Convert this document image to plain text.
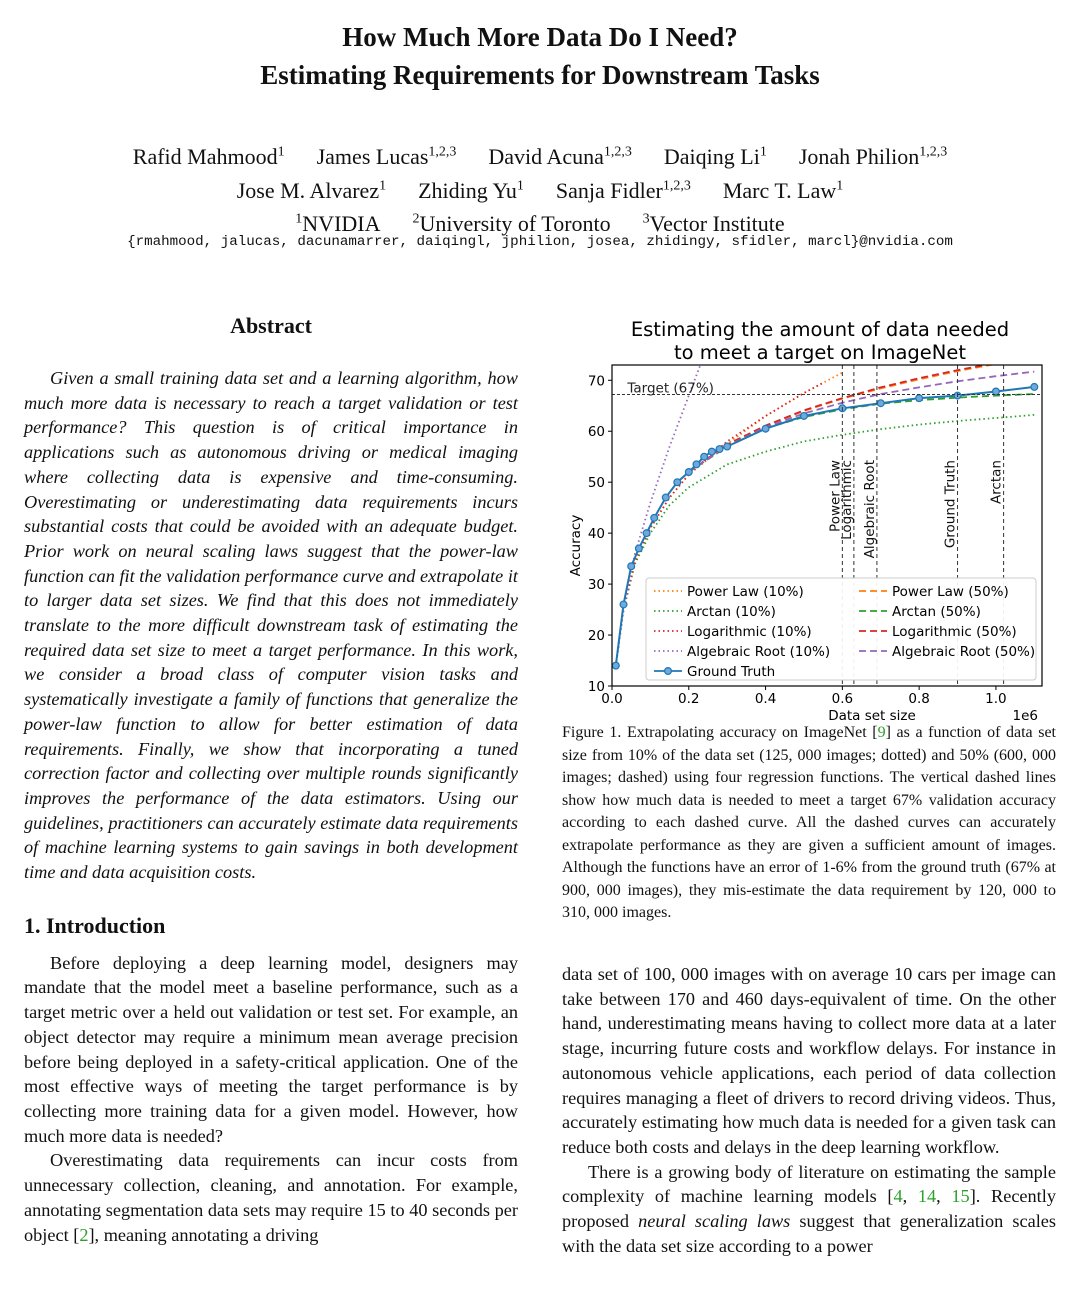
How Much More Data Do I Need?
Estimating Requirements for Downstream Tasks
Rafid Mahmood$^1$ James Lucas$^{1,2,3}$ David Acuna$^{1,2,3}$ Daiqing Li$^1$ Jonah Philion$^{1,2,3}$
Jose M. Alvarez$^1$ Zhiding Yu$^1$ Sanja Fidler$^{1,2,3}$ Marc T. Law$^1$
$^1$NVIDIA $^2$University of Toronto $^3$Vector Institute
{rmahmood, jalucas, dacunamarrer, daiqingl, jphilion, josea, zhidingy, sfidler, marcl}@nvidia.com
Abstract

Given a small training data set and a learning algorithm, how much more data is necessary to reach a target validation or test performance? This question is of critical importance in applications such as autonomous driving or medical imaging where collecting data is expensive and time-consuming. Overestimating or underestimating data requirements incurs substantial costs that could be avoided with an adequate budget. Prior work on neural scaling laws suggest that the power-law function can fit the validation performance curve and extrapolate it to larger data set sizes. We find that this does not immediately translate to the more difficult downstream task of estimating the required data set size to meet a target performance. In this work, we consider a broad class of computer vision tasks and systematically investigate a family of functions that generalize the power-law function to allow for better estimation of data requirements. Finally, we show that incorporating a tuned correction factor and collecting over multiple rounds significantly improves the performance of the data estimators. Using our guidelines, practitioners can accurately estimate data requirements of machine learning systems to gain savings in both development time and data acquisition costs.

1. Introduction

Before deploying a deep learning model, designers may mandate that the model meet a baseline performance, such as a target metric over a held out validation or test set. For example, an object detector may require a minimum mean average precision before being deployed in a safety-critical application. One of the most effective ways of meeting the target performance is by collecting more training data for a given model. However, how much more data is needed?

Overestimating data requirements can incur costs from unnecessary collection, cleaning, and annotation. For example, annotating segmentation data sets may require 15 to 40 seconds per object [2], meaning annotating a driving

Estimating the amount of data needed
to meet a target on ImageNet
Target (67%)
Power Law
Logarithmic Algebraic Root	Ground Truth Arctan
0.0	0.2	0.4	0.6	0.8	1.0
10
20
30
40
50
60
70
Data set size	1e6
Accuracy
Power Law (10%)	Power Law (50%)
Arctan (10%)	Arctan (50%)
Logarithmic (10%)	Logarithmic (50%)
Algebraic Root (10%)	Algebraic Root (50%)
Ground Truth

Figure 1. Extrapolating accuracy on ImageNet [9] as a function of data set size from 10% of the data set (125, 000 images; dotted) and 50% (600, 000 images; dashed) using four regression functions. The vertical dashed lines show how much data is needed to meet a target 67% validation accuracy according to each dashed curve. All the dashed curves can accurately extrapolate performance as they are given a sufficient amount of images. Although the functions have an error of 1-6% from the ground truth (67% at 900, 000 images), they mis-estimate the data requirement by 120, 000 to 310, 000 images.

data set of 100, 000 images with on average 10 cars per image can take between 170 and 460 days-equivalent of time. On the other hand, underestimating means having to collect more data at a later stage, incurring future costs and workflow delays. For instance in autonomous vehicle applications, each period of data collection requires managing a fleet of drivers to record driving videos. Thus, accurately estimating how much data is needed for a given task can reduce both costs and delays in the deep learning workflow.

There is a growing body of literature on estimating the sample complexity of machine learning models [4, 14, 15]. Recently proposed neural scaling laws suggest that generalization scales with the data set size according to a power
